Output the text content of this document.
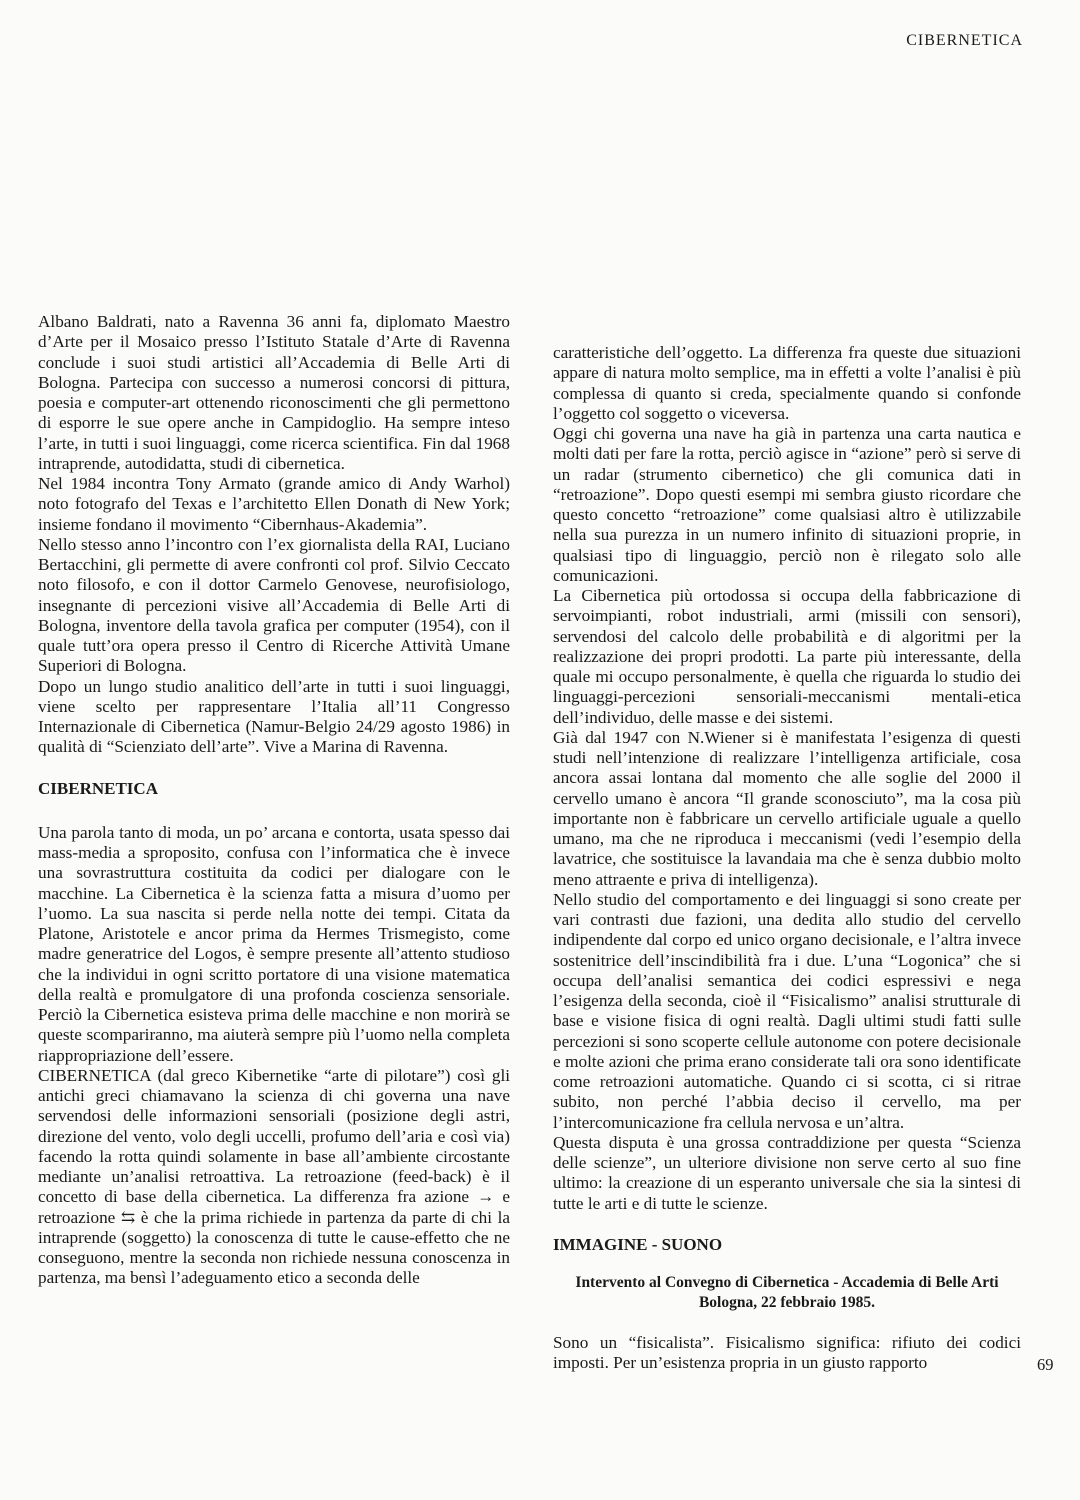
CIBERNETICA

Albano Baldrati, nato a Ravenna 36 anni fa, diplomato Maestro d’Arte per il Mosaico presso l’Istituto Statale d’Arte di Ravenna conclude i suoi studi artistici all’Accademia di Belle Arti di Bologna. Partecipa con successo a numerosi concorsi di pittura, poesia e computer-art ottenendo riconoscimenti che gli permettono di esporre le sue opere anche in Campidoglio. Ha sempre inteso l’arte, in tutti i suoi linguaggi, come ricerca scientifica. Fin dal 1968 intraprende, autodidatta, studi di cibernetica.

Nel 1984 incontra Tony Armato (grande amico di Andy Warhol) noto fotografo del Texas e l’architetto Ellen Donath di New York; insieme fondano il movimento “Cibernhaus-Akademia”.

Nello stesso anno l’incontro con l’ex giornalista della RAI, Luciano Bertacchini, gli permette di avere confronti col prof. Silvio Ceccato noto filosofo, e con il dottor Carmelo Genovese, neurofisiologo, insegnante di percezioni visive all’Accademia di Belle Arti di Bologna, inventore della tavola grafica per computer (1954), con il quale tutt’ora opera presso il Centro di Ricerche Attività Umane Superiori di Bologna.

Dopo un lungo studio analitico dell’arte in tutti i suoi linguaggi, viene scelto per rappresentare l’Italia all’11 Congresso Internazionale di Cibernetica (Namur-Belgio 24/29 agosto 1986) in qualità di “Scienziato dell’arte”. Vive a Marina di Ravenna.

CIBERNETICA

Una parola tanto di moda, un po’ arcana e contorta, usata spesso dai mass-media a sproposito, confusa con l’informatica che è invece una sovrastruttura costituita da codici per dialogare con le macchine. La Cibernetica è la scienza fatta a misura d’uomo per l’uomo. La sua nascita si perde nella notte dei tempi. Citata da Platone, Aristotele e ancor prima da Hermes Trismegisto, come madre generatrice del Logos, è sempre presente all’attento studioso che la individui in ogni scritto portatore di una visione matematica della realtà e promulgatore di una profonda coscienza sensoriale. Perciò la Cibernetica esisteva prima delle macchine e non morirà se queste scompariranno, ma aiuterà sempre più l’uomo nella completa riappropriazione dell’essere.

CIBERNETICA (dal greco Kibernetike “arte di pilotare”) così gli antichi greci chiamavano la scienza di chi governa una nave servendosi delle informazioni sensoriali (posizione degli astri, direzione del vento, volo degli uccelli, profumo dell’aria e così via) facendo la rotta quindi solamente in base all’ambiente circostante mediante un’analisi retroattiva. La retroazione (feed-back) è il concetto di base della cibernetica. La differenza fra azione → e retroazione ⇆ è che la prima richiede in partenza da parte di chi la intraprende (soggetto) la conoscenza di tutte le cause-effetto che ne conseguono, mentre la seconda non richiede nessuna conoscenza in partenza, ma bensì l’adeguamento etico a seconda delle

caratteristiche dell’oggetto. La differenza fra queste due situazioni appare di natura molto semplice, ma in effetti a volte l’analisi è più complessa di quanto si creda, specialmente quando si confonde l’oggetto col soggetto o viceversa.

Oggi chi governa una nave ha già in partenza una carta nautica e molti dati per fare la rotta, perciò agisce in “azione” però si serve di un radar (strumento cibernetico) che gli comunica dati in “retroazione”. Dopo questi esempi mi sembra giusto ricordare che questo concetto “retroazione” come qualsiasi altro è utilizzabile nella sua purezza in un numero infinito di situazioni proprie, in qualsiasi tipo di linguaggio, perciò non è rilegato solo alle comunicazioni.

La Cibernetica più ortodossa si occupa della fabbricazione di servoimpianti, robot industriali, armi (missili con sensori), servendosi del calcolo delle probabilità e di algoritmi per la realizzazione dei propri prodotti. La parte più interessante, della quale mi occupo personalmente, è quella che riguarda lo studio dei linguaggi-percezioni sensoriali-meccanismi mentali-etica dell’individuo, delle masse e dei sistemi.

Già dal 1947 con N.Wiener si è manifestata l’esigenza di questi studi nell’intenzione di realizzare l’intelligenza artificiale, cosa ancora assai lontana dal momento che alle soglie del 2000 il cervello umano è ancora “Il grande sconosciuto”, ma la cosa più importante non è fabbricare un cervello artificiale uguale a quello umano, ma che ne riproduca i meccanismi (vedi l’esempio della lavatrice, che sostituisce la lavandaia ma che è senza dubbio molto meno attraente e priva di intelligenza).

Nello studio del comportamento e dei linguaggi si sono create per vari contrasti due fazioni, una dedita allo studio del cervello indipendente dal corpo ed unico organo decisionale, e l’altra invece sostenitrice dell’inscindibilità fra i due. L’una “Logonica” che si occupa dell’analisi semantica dei codici espressivi e nega l’esigenza della seconda, cioè il “Fisicalismo” analisi strutturale di base e visione fisica di ogni realtà. Dagli ultimi studi fatti sulle percezioni si sono scoperte cellule autonome con potere decisionale e molte azioni che prima erano considerate tali ora sono identificate come retroazioni automatiche. Quando ci si scotta, ci si ritrae subito, non perché l’abbia deciso il cervello, ma per l’intercomunicazione fra cellula nervosa e un’altra.

Questa disputa è una grossa contraddizione per questa “Scienza delle scienze”, un ulteriore divisione non serve certo al suo fine ultimo: la creazione di un esperanto universale che sia la sintesi di tutte le arti e di tutte le scienze.

IMMAGINE - SUONO
Intervento al Convegno di Cibernetica - Accademia di Belle Arti
Bologna, 22 febbraio 1985.

Sono un “fisicalista”. Fisicalismo significa: rifiuto dei codici imposti. Per un’esistenza propria in un giusto rapporto	69
